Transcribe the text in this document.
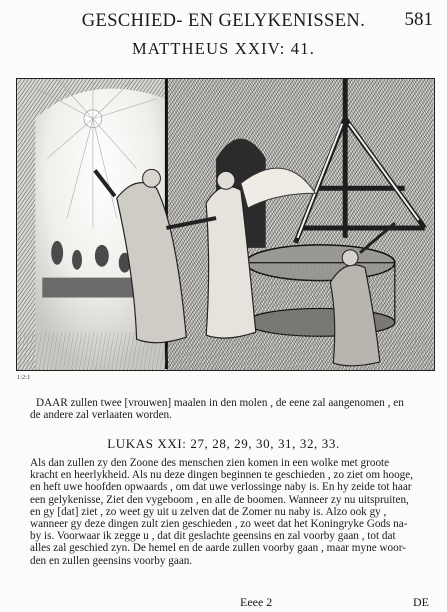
GESCHIED- EN GELYKENISSEN.	581
MATTHEUS XXIV: 41.
1:2:1
DAAR zullen twee [vrouwen] maalen in den molen , de eene zal aangenomen , en
de andere zal verlaaten worden.
LUKAS XXI: 27, 28, 29, 30, 31, 32, 33.
Als dan zullen zy den Zoone des menschen zien komen in een wolke met groote
kracht en heerlykheid. Als nu deze dingen beginnen te geschieden , zo ziet om hooge,
en heft uwe hoofden opwaards , om dat uwe verlossinge naby is. En hy zeide tot haar
een gelykenisse, Ziet den vygeboom , en alle de boomen. Wanneer zy nu uitspruiten,
en gy [dat] ziet , zo weet gy uit u zelven dat de Zomer nu naby is. Alzo ook gy ,
wanneer gy deze dingen zult zien geschieden , zo weet dat het Koningryke Gods na-
by is. Voorwaar ik zegge u , dat dit geslachte geensins en zal voorby gaan , tot dat
alles zal geschied zyn. De hemel en de aarde zullen voorby gaan , maar myne woor-
den en zullen geensins voorby gaan.
Eeee 2	DE
